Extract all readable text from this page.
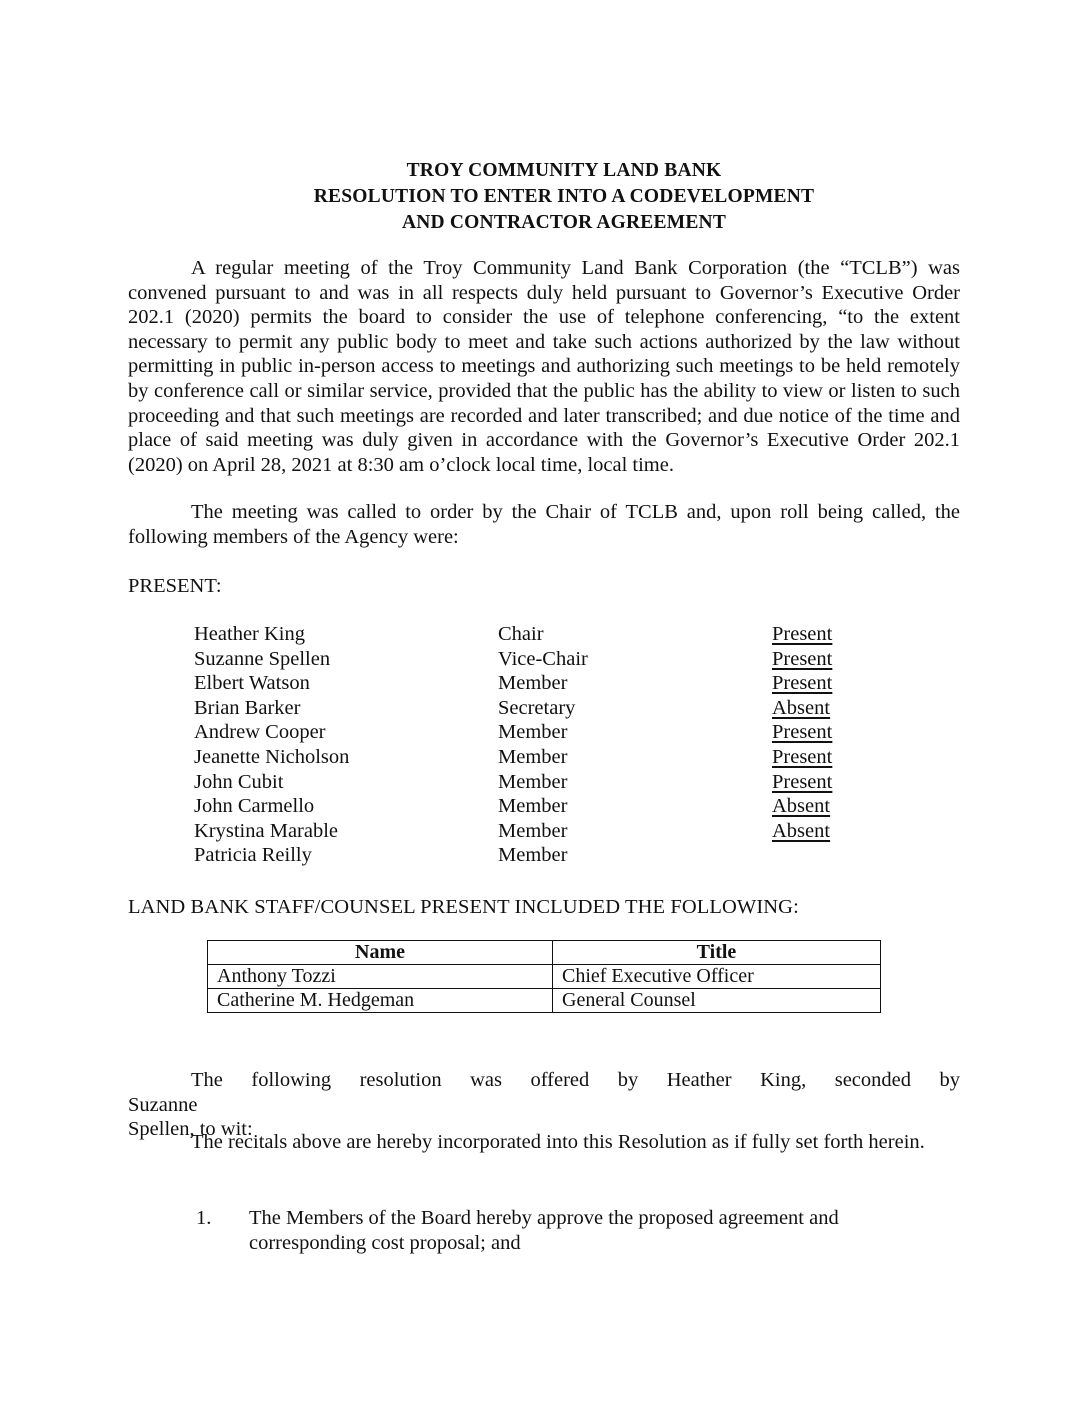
TROY COMMUNITY LAND BANK
RESOLUTION TO ENTER INTO A CODEVELOPMENT
AND CONTRACTOR AGREEMENT
A regular meeting of the Troy Community Land Bank Corporation (the “TCLB”) was convened pursuant to and was in all respects duly held pursuant to Governor’s Executive Order 202.1 (2020) permits the board to consider the use of telephone conferencing, “to the extent necessary to permit any public body to meet and take such actions authorized by the law without permitting in public in-person access to meetings and authorizing such meetings to be held remotely by conference call or similar service, provided that the public has the ability to view or listen to such proceeding and that such meetings are recorded and later transcribed; and due notice of the time and place of said meeting was duly given in accordance with the Governor’s Executive Order 202.1 (2020) on April 28, 2021 at 8:30 am o’clock local time, local time.
The meeting was called to order by the Chair of TCLB and, upon roll being called, the following members of the Agency were:
PRESENT:
Heather King	Chair	Present
Suzanne Spellen	Vice-Chair	Present
Elbert Watson	Member	Present
Brian Barker	Secretary	Absent
Andrew Cooper	Member	Present
Jeanette Nicholson	Member	Present
John Cubit	Member	Present
John Carmello	Member	Absent
Krystina Marable	Member	Absent
Patricia Reilly	Member
LAND BANK STAFF/COUNSEL PRESENT INCLUDED THE FOLLOWING:
Name	Title
Anthony Tozzi	Chief Executive Officer
Catherine M. Hedgeman	General Counsel
The following resolution was offered by Heather King, seconded by Suzanne
Spellen, to wit:
The recitals above are hereby incorporated into this Resolution as if fully set forth herein.
1. The Members of the Board hereby approve the proposed agreement and corresponding cost proposal; and
